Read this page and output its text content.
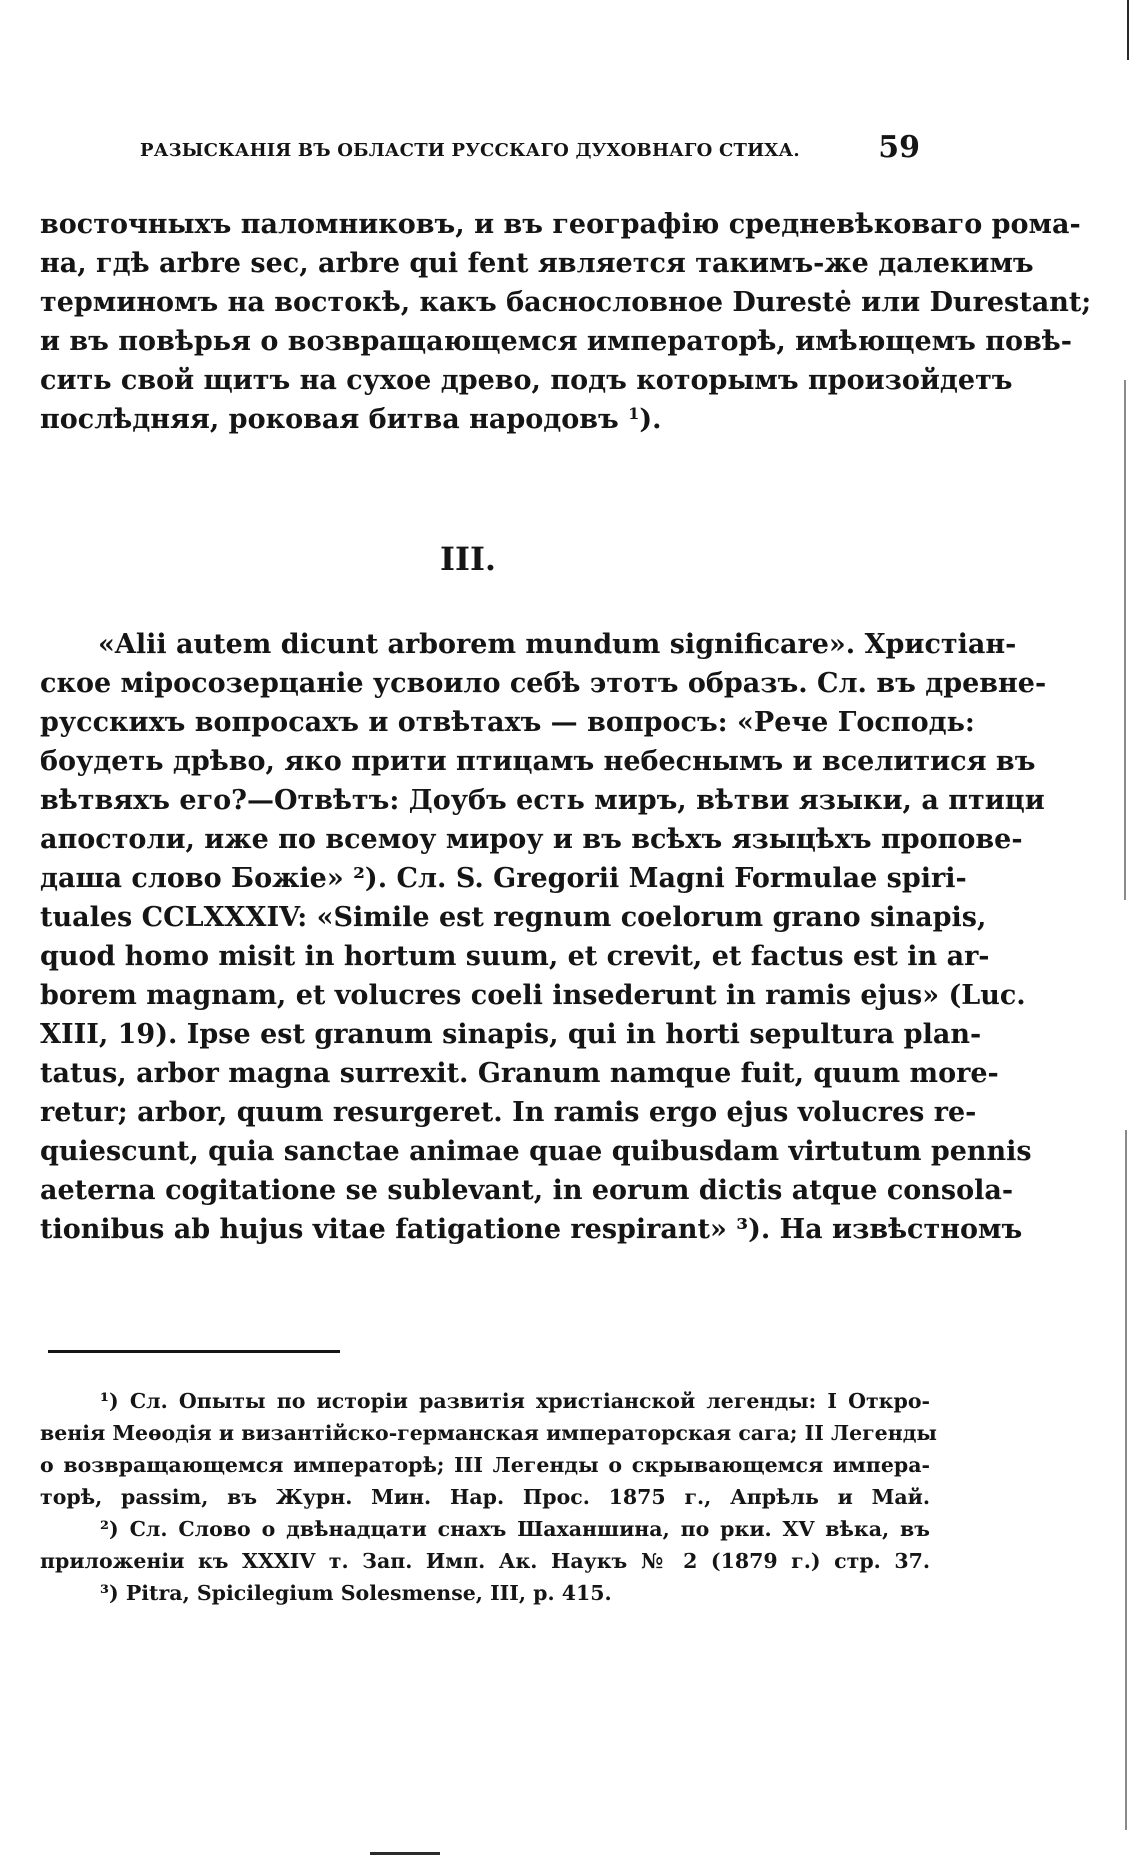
РАЗЫСКАНІЯ ВЪ ОБЛАСТИ РУССКАГО ДУХОВНАГО СТИХА.	59
восточныхъ паломниковъ, и въ географію средневѣковаго рома-
на, гдѣ arbre sec, arbre qui fent является такимъ-же далекимъ
терминомъ на востокѣ, какъ баснословное Durestė или Durestant;
и въ повѣрья о возвращающемся императорѣ, имѣющемъ повѣ-
сить свой щитъ на сухое древо, подъ которымъ произойдетъ
послѣдняя, роковая битва народовъ $^1$).
III.
«Alii autem dicunt arborem mundum significare». Христіан-
ское міросозерцаніе усвоило себѣ этотъ образъ. Сл. въ древне-
русскихъ вопросахъ и отвѣтахъ — вопросъ: «Рече Господь:
боудеть дрѣво, яко прити птицамъ небеснымъ и вселитися въ
вѣтвяхъ его?—Отвѣтъ: Доубъ есть миръ, вѣтви языки, а птици
апостоли, иже по всемоу мироу и въ всѣхъ языцѣхъ пропове-
даша слово Божіе» ²). Сл. S. Gregorii Magni Formulae spiri-
tuales CCLXXXIV: «Simile est regnum coelorum grano sinapis,
quod homo misit in hortum suum, et crevit, et factus est in ar-
borem magnam, et volucres coeli insederunt in ramis ejus» (Luc.
XIII, 19). Ipse est granum sinapis, qui in horti sepultura plan-
tatus, arbor magna surrexit. Granum namque fuit, quum more-
retur; arbor, quum resurgeret. In ramis ergo ejus volucres re-
quiescunt, quia sanctae animae quae quibusdam virtutum pennis
aeterna cogitatione se sublevant, in eorum dictis atque consola-
tionibus ab hujus vitae fatigatione respirant» ³). На извѣстномъ
¹) Сл. Опыты по исторіи развитія христіанской легенды: I Откро-
венія Меѳодія и византійско-германская императорская сага; II Легенды
о возвращающемся императорѣ; III Легенды о скрывающемся импера-
торѣ, passim, въ Журн. Мин. Нар. Прос. 1875 г., Апрѣль и Май.
²) Сл. Слово о двѣнадцати снахъ Шаханшина, по рки. XV вѣка, въ
приложеніи къ XXXIV т. Зап. Имп. Ак. Наукъ № 2 (1879 г.) стр. 37.
³) Pitra, Spicilegium Solesmense, III, p. 415.
